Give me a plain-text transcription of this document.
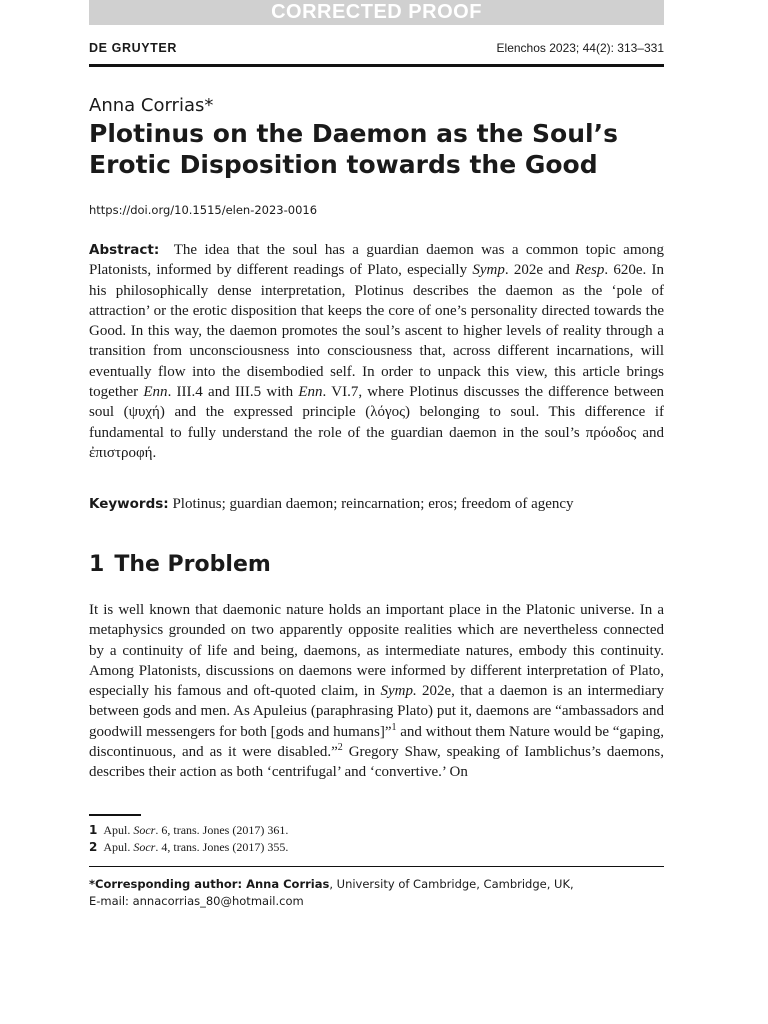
CORRECTED PROOF
DE GRUYTER	Elenchos 2023; 44(2): 313–331
Anna Corrias*
Plotinus on the Daemon as the Soul’s Erotic Disposition towards the Good
https://doi.org/10.1515/elen-2023-0016
Abstract: The idea that the soul has a guardian daemon was a common topic among Platonists, informed by different readings of Plato, especially Symp. 202e and Resp. 620e. In his philosophically dense interpretation, Plotinus describes the daemon as the ‘pole of attraction’ or the erotic disposition that keeps the core of one’s personality directed towards the Good. In this way, the daemon promotes the soul’s ascent to higher levels of reality through a transition from unconsciousness into consciousness that, across different incarnations, will eventually flow into the disembodied self. In order to unpack this view, this article brings together Enn. III.4 and III.5 with Enn. VI.7, where Plotinus discusses the difference between soul (ψυχή) and the expressed principle (λόγος) belonging to soul. This difference if fundamental to fully understand the role of the guardian daemon in the soul’s πρόοδος and ἐπιστροφή.
Keywords: Plotinus; guardian daemon; reincarnation; eros; freedom of agency
1 The Problem
It is well known that daemonic nature holds an important place in the Platonic universe. In a metaphysics grounded on two apparently opposite realities which are nevertheless connected by a continuity of life and being, daemons, as intermediate natures, embody this continuity. Among Platonists, discussions on daemons were informed by different interpretation of Plato, especially his famous and oft-quoted claim, in Symp. 202e, that a daemon is an intermediary between gods and men. As Apuleius (paraphrasing Plato) put it, daemons are “ambassadors and goodwill messengers for both [gods and humans]”$^1$ and without them Nature would be “gaping, discontinuous, and as it were disabled.”$^2$ Gregory Shaw, speaking of Iamblichus’s daemons, describes their action as both ‘centrifugal’ and ‘convertive.’ On
1 Apul. Socr. 6, trans. Jones (2017) 361.
2 Apul. Socr. 4, trans. Jones (2017) 355.
*Corresponding author: Anna Corrias, University of Cambridge, Cambridge, UK,
E-mail: annacorrias_80@hotmail.com
